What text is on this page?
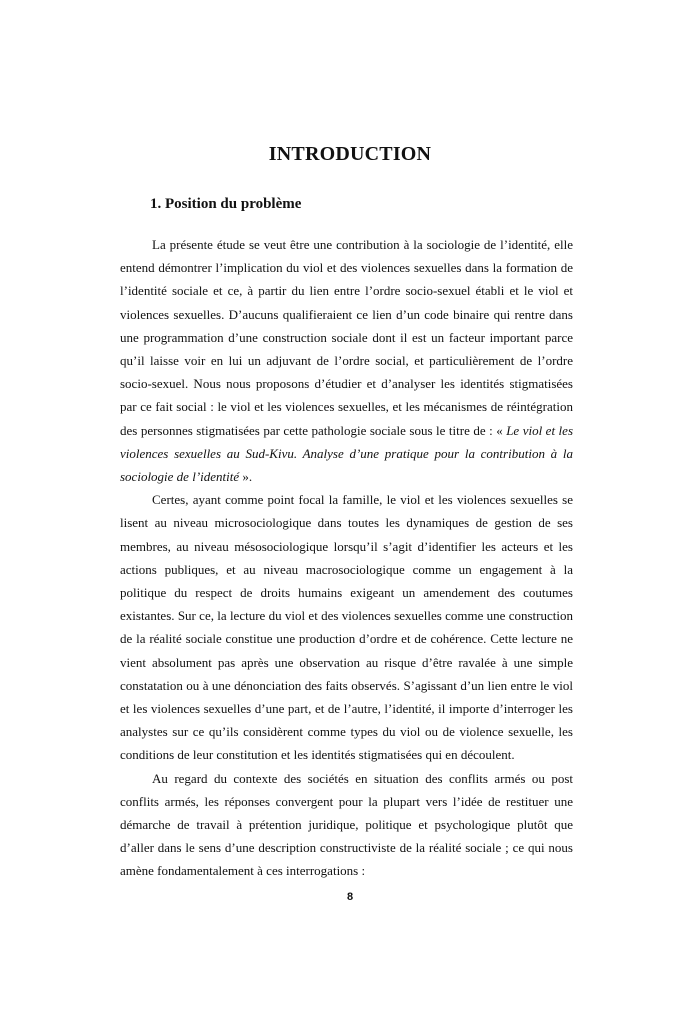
INTRODUCTION
1. Position du problème

La présente étude se veut être une contribution à la sociologie de l’identité, elle entend démontrer l’implication du viol et des violences sexuelles dans la formation de l’identité sociale et ce, à partir du lien entre l’ordre socio-sexuel établi et le viol et violences sexuelles. D’aucuns qualifieraient ce lien d’un code binaire qui rentre dans une programmation d’une construction sociale dont il est un facteur important parce qu’il laisse voir en lui un adjuvant de l’ordre social, et particulièrement de l’ordre socio-sexuel. Nous nous proposons d’étudier et d’analyser les identités stigmatisées par ce fait social : le viol et les violences sexuelles, et les mécanismes de réintégration des personnes stigmatisées par cette pathologie sociale sous le titre de : « Le viol et les violences sexuelles au Sud-Kivu. Analyse d’une pratique pour la contribution à la sociologie de l’identité ».

Certes, ayant comme point focal la famille, le viol et les violences sexuelles se lisent au niveau microsociologique dans toutes les dynamiques de gestion de ses membres, au niveau mésosociologique lorsqu’il s’agit d’identifier les acteurs et les actions publiques, et au niveau macrosociologique comme un engagement à la politique du respect de droits humains exigeant un amendement des coutumes existantes. Sur ce, la lecture du viol et des violences sexuelles comme une construction de la réalité sociale constitue une production d’ordre et de cohérence. Cette lecture ne vient absolument pas après une observation au risque d’être ravalée à une simple constatation ou à une dénonciation des faits observés. S’agissant d’un lien entre le viol et les violences sexuelles d’une part, et de l’autre, l’identité, il importe d’interroger les analystes sur ce qu’ils considèrent comme types du viol ou de violence sexuelle, les conditions de leur constitution et les identités stigmatisées qui en découlent.

Au regard du contexte des sociétés en situation des conflits armés ou post conflits armés, les réponses convergent pour la plupart vers l’idée de restituer une démarche de travail à prétention juridique, politique et psychologique plutôt que d’aller dans le sens d’une description constructiviste de la réalité sociale ; ce qui nous amène fondamentalement à ces interrogations :

8
